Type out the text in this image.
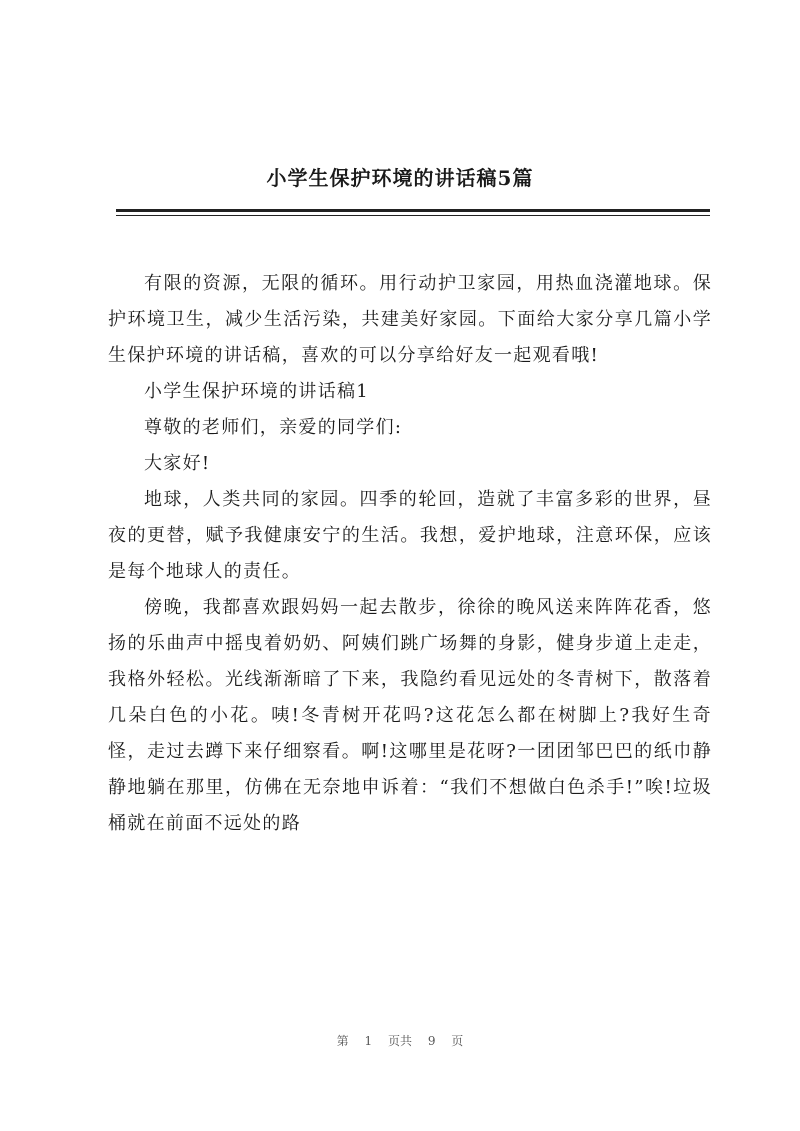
小学生保护环境的讲话稿5篇

有限的资源，无限的循环。用行动护卫家园，用热血浇灌地球。保护环境卫生，减少生活污染，共建美好家园。下面给大家分享几篇小学生保护环境的讲话稿，喜欢的可以分享给好友一起观看哦!

小学生保护环境的讲话稿1

尊敬的老师们，亲爱的同学们:

大家好!

地球，人类共同的家园。四季的轮回，造就了丰富多彩的世界，昼夜的更替，赋予我健康安宁的生活。我想，爱护地球，注意环保，应该是每个地球人的责任。

傍晚，我都喜欢跟妈妈一起去散步，徐徐的晚风送来阵阵花香，悠扬的乐曲声中摇曳着奶奶、阿姨们跳广场舞的身影，健身步道上走走，我格外轻松。光线渐渐暗了下来，我隐约看见远处的冬青树下，散落着几朵白色的小花。咦!冬青树开花吗?这花怎么都在树脚上?我好生奇怪，走过去蹲下来仔细察看。啊!这哪里是花呀?一团团邹巴巴的纸巾静静地躺在那里，仿佛在无奈地申诉着：“我们不想做白色杀手!”唉!垃圾桶就在前面不远处的路

第 1 页共 9 页
